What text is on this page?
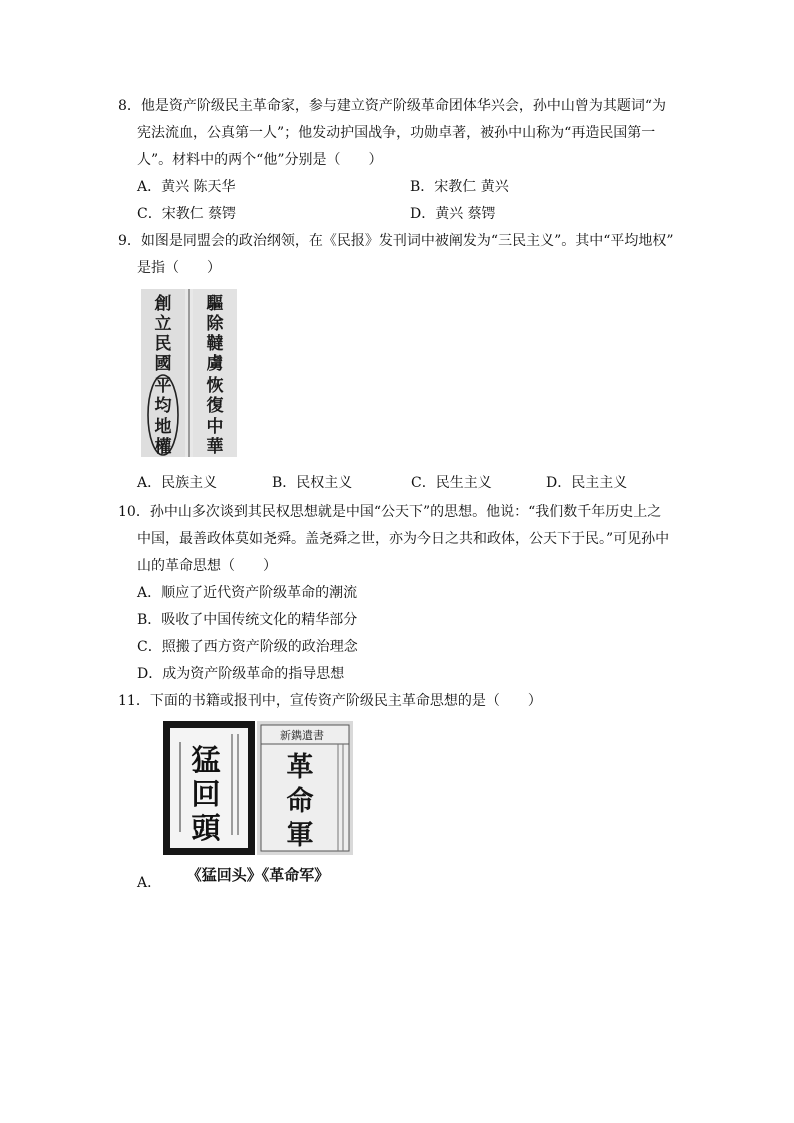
8．他是资产阶级民主革命家，参与建立资产阶级革命团体华兴会，孙中山曾为其题词“为
宪法流血，公真第一人”；他发动护国战争，功勋卓著，被孙中山称为“再造民国第一
人”。材料中的两个“他”分别是（　　）
A．黄兴 陈天华	B．宋教仁 黄兴
C．宋教仁 蔡锷	D．黄兴 蔡锷
9．如图是同盟会的政治纲领，在《民报》发刊词中被阐发为“三民主义”。其中“平均地权”
是指（　　）
創
立
民
國
平
均
地
權
驅
除
韃
虜
恢
復
中
華
A．民族主义	B．民权主义	C．民生主义	D．民主主义
10．孙中山多次谈到其民权思想就是中国“公天下”的思想。他说：“我们数千年历史上之
中国，最善政体莫如尧舜。盖尧舜之世，亦为今日之共和政体，公天下于民。”可见孙中
山的革命思想（　　）
A．顺应了近代资产阶级革命的潮流
B．吸收了中国传统文化的精华部分
C．照搬了西方资产阶级的政治理念
D．成为资产阶级革命的指导思想
11．下面的书籍或报刊中，宣传资产阶级民主革命思想的是（　　）
A．
猛
回
頭
新鐫遺書
革
命
軍
《猛回头》《革命军》
